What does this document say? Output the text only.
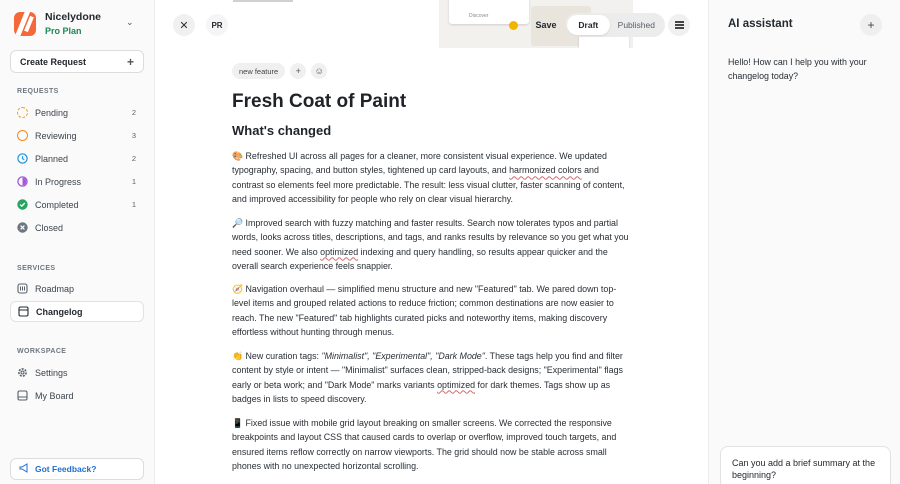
Nicelydone
Pro Plan
⌄
Create Request	+
REQUESTS
Pending	2
Reviewing	3
Planned	2
In Progress	1
Completed	1
Closed
SERVICES
Roadmap
Changelog
WORKSPACE
Settings
My Board
Got Feedback?
✕	PR
Discover
Save	Draft	Published
new feature	+	☺
Fresh Coat of Paint
What's changed
🎨 Refreshed UI across all pages for a cleaner, more consistent visual experience. We updated typography, spacing, and button styles, tightened up card layouts, and harmonized colors and contrast so elements feel more predictable. The result: less visual clutter, faster scanning of content, and improved accessibility for people who rely on clear visual hierarchy.
🔎 Improved search with fuzzy matching and faster results. Search now tolerates typos and partial words, looks across titles, descriptions, and tags, and ranks results by relevance so you get what you need sooner. We also optimized indexing and query handling, so results appear quicker and the overall search experience feels snappier.
🧭 Navigation overhaul — simplified menu structure and new "Featured" tab. We pared down top-level items and grouped related actions to reduce friction; common destinations are now easier to reach. The new "Featured" tab highlights curated picks and noteworthy items, making discovery effortless without hunting through menus.
👏 New curation tags: "Minimalist", "Experimental", "Dark Mode". These tags help you find and filter content by style or intent — "Minimalist" surfaces clean, stripped-back designs; "Experimental" flags early or beta work; and "Dark Mode" marks variants optimized for dark themes. Tags show up as badges in lists to speed discovery.
📱 Fixed issue with mobile grid layout breaking on smaller screens. We corrected the responsive breakpoints and layout CSS that caused cards to overlap or overflow, improved touch targets, and ensured items reflow correctly on narrow viewports. The grid should now be stable across small phones with no unexpected horizontal scrolling.
AI assistant	+
Hello! How can I help you with your changelog today?
Can you add a brief summary at the beginning?
